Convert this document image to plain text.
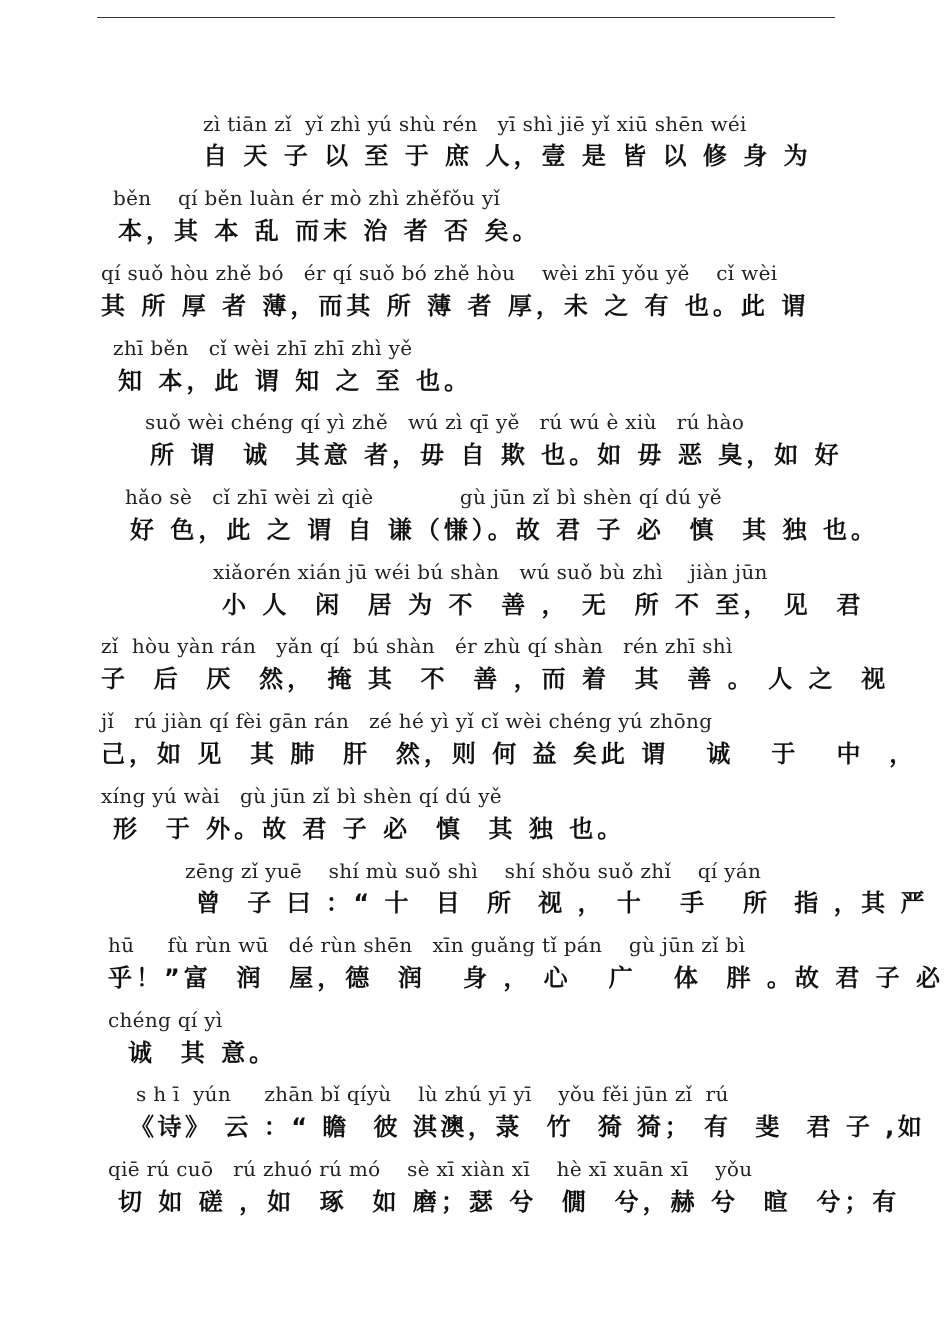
zì tiān zǐ  yǐ zhì yú shù rén   yī shì jiē yǐ xiū shēn wéi
自 天 子 以 至 于 庶 人，壹 是 皆 以 修 身 为
běn    qí běn luàn ér mò zhì zhěfǒu yǐ
本，其 本 乱 而末 治 者 否 矣。
qí suǒ hòu zhě bó   ér qí suǒ bó zhě hòu    wèi zhī yǒu yě    cǐ wèi
其 所 厚 者 薄，而其 所 薄 者 厚，未 之 有 也。此 谓
zhī běn   cǐ wèi zhī zhī zhì yě
知 本，此 谓 知 之 至 也。
suǒ wèi chéng qí yì zhě   wú zì qī yě   rú wú è xiù   rú hào
所 谓  诚  其意 者，毋 自 欺 也。如 毋 恶 臭，如 好
hǎo sè   cǐ zhī wèi zì qiè             gù jūn zǐ bì shèn qí dú yě
好 色，此 之 谓 自 谦（慊）。故 君 子 必  慎  其 独 也。
xiǎorén xián jū wéi bú shàn   wú suǒ bù zhì    jiàn jūn
小 人  闲  居 为 不  善 ， 无  所 不 至， 见  君
zǐ  hòu yàn rán   yǎn qí  bú shàn   ér zhù qí shàn   rén zhī shì
子  后  厌  然， 掩 其  不  善 ，而 着  其  善 。 人 之  视
jǐ   rú jiàn qí fèi gān rán   zé hé yì yǐ cǐ wèi chéng yú zhōng
己，如 见  其 肺  肝  然，则 何 益 矣此 谓   诚   于   中  ，
xíng yú wài   gù jūn zǐ bì shèn qí dú yě
形  于 外。故 君 子 必  慎  其 独 也。
zēng zǐ yuē    shí mù suǒ shì    shí shǒu suǒ zhǐ    qí yán
曾  子 曰 ：“ 十  目  所  视 ， 十   手   所  指 ，其 严
hū     fù rùn wū   dé rùn shēn   xīn guǎng tǐ pán    gù jūn zǐ bì
乎！”富  润  屋，德  润   身 ， 心   广   体  胖 。故 君 子 必
chéng qí yì
诚  其 意。
s h ī  yún     zhān bǐ qíyù    lù zhú yī yī    yǒu fěi jūn zǐ  rú
《诗》 云 ：“ 瞻  彼 淇澳，菉  竹  猗 猗； 有  斐  君 子 ,如
qiē rú cuō   rú zhuó rú mó    sè xī xiàn xī    hè xī xuān xī    yǒu
切 如 磋 ，如  琢  如 磨；瑟 兮  僩  兮，赫 兮  暄  兮；有
